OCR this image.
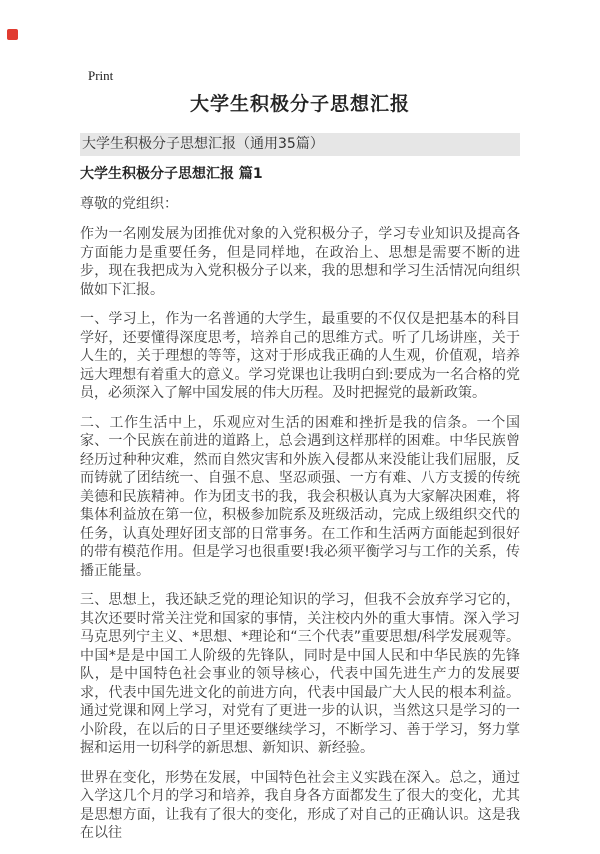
Print
大学生积极分子思想汇报
大学生积极分子思想汇报（通用35篇）
大学生积极分子思想汇报 篇1
尊敬的党组织：

作为一名刚发展为团推优对象的入党积极分子，学习专业知识及提高各方面能力是重要任务，但是同样地，在政治上、思想是需要不断的进步，现在我把成为入党积极分子以来，我的思想和学习生活情况向组织做如下汇报。

一、学习上，作为一名普通的大学生，最重要的不仅仅是把基本的科目学好，还要懂得深度思考，培养自己的思维方式。听了几场讲座，关于人生的，关于理想的等等，这对于形成我正确的人生观，价值观，培养远大理想有着重大的意义。学习党课也让我明白到:要成为一名合格的党员，必须深入了解中国发展的伟大历程。及时把握党的最新政策。

二、工作生活中上，乐观应对生活的困难和挫折是我的信条。一个国家、一个民族在前进的道路上，总会遇到这样那样的困难。中华民族曾经历过种种灾难，然而自然灾害和外族入侵都从来没能让我们屈服，反而铸就了团结统一、自强不息、坚忍顽强、一方有难、八方支援的传统美德和民族精神。作为团支书的我，我会积极认真为大家解决困难，将集体利益放在第一位，积极参加院系及班级活动，完成上级组织交代的任务，认真处理好团支部的日常事务。在工作和生活两方面能起到很好的带有模范作用。但是学习也很重要!我必须平衡学习与工作的关系，传播正能量。

三、思想上，我还缺乏党的理论知识的学习，但我不会放弃学习它的，其次还要时常关注党和国家的事情，关注校内外的重大事情。深入学习马克思列宁主义、*思想、*理论和“三个代表”重要思想/科学发展观等。中国*是是中国工人阶级的先锋队，同时是中国人民和中华民族的先锋队，是中国特色社会事业的领导核心，代表中国先进生产力的发展要求，代表中国先进文化的前进方向，代表中国最广大人民的根本利益。通过党课和网上学习，对党有了更进一步的认识，当然这只是学习的一小阶段，在以后的日子里还要继续学习，不断学习、善于学习，努力掌握和运用一切科学的新思想、新知识、新经验。

世界在变化，形势在发展，中国特色社会主义实践在深入。总之，通过入学这几个月的学习和培养，我自身各方面都发生了很大的变化，尤其是思想方面，让我有了很大的变化，形成了对自己的正确认识。这是我在以往
